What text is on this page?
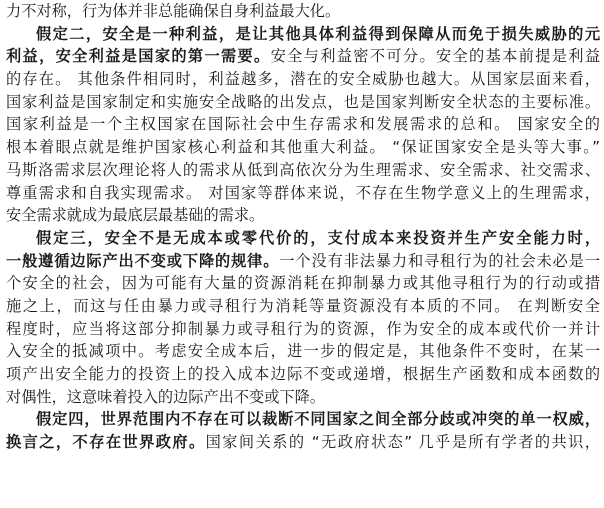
力不对称，行为体并非总能确保自身利益最大化。
假定二，安全是一种利益，是让其他具体利益得到保障从而免于损失威胁的元
利益，安全利益是国家的第一需要。安全与利益密不可分。安全的基本前提是利益
的存在。 其他条件相同时，利益越多，潜在的安全威胁也越大。从国家层面来看，
国家利益是国家制定和实施安全战略的出发点，也是国家判断安全状态的主要标准。
国家利益是一个主权国家在国际社会中生存需求和发展需求的总和。 国家安全的
根本着眼点就是维护国家核心利益和其他重大利益。 “保证国家安全是头等大事。”
马斯洛需求层次理论将人的需求从低到高依次分为生理需求、安全需求、社交需求、
尊重需求和自我实现需求。 对国家等群体来说，不存在生物学意义上的生理需求，
安全需求就成为最底层最基础的需求。
假定三，安全不是无成本或零代价的，支付成本来投资并生产安全能力时，
一般遵循边际产出不变或下降的规律。一个没有非法暴力和寻租行为的社会未必是一
个安全的社会，因为可能有大量的资源消耗在抑制暴力或其他寻租行为的行动或措
施之上，而这与任由暴力或寻租行为消耗等量资源没有本质的不同。 在判断安全
程度时，应当将这部分抑制暴力或寻租行为的资源，作为安全的成本或代价一并计
入安全的抵减项中。考虑安全成本后，进一步的假定是，其他条件不变时，在某一
项产出安全能力的投资上的投入成本边际不变或递增，根据生产函数和成本函数的
对偶性，这意味着投入的边际产出不变或下降。
假定四，世界范围内不存在可以裁断不同国家之间全部分歧或冲突的单一权威，
换言之，不存在世界政府。国家间关系的 “无政府状态” 几乎是所有学者的共识，
